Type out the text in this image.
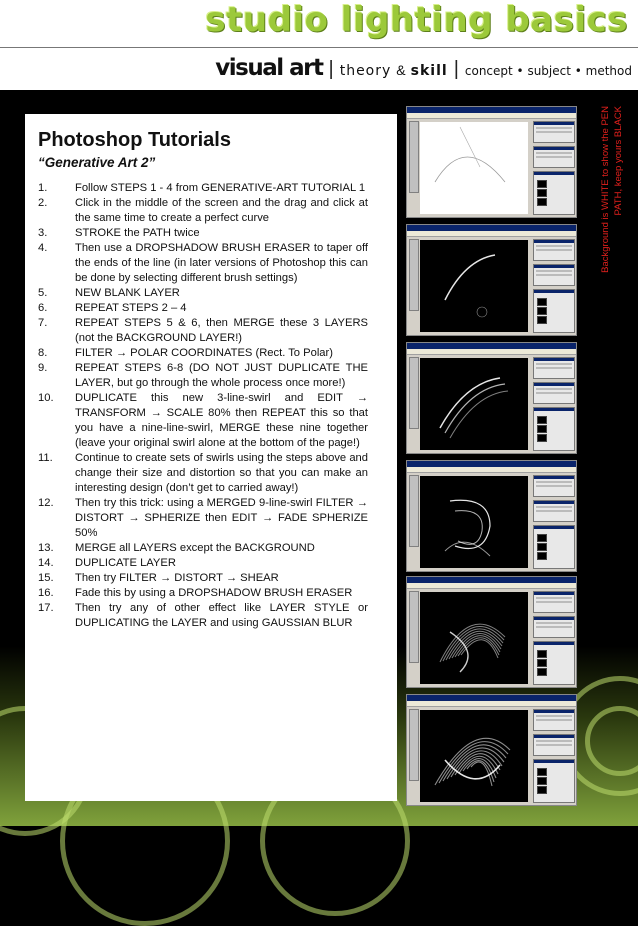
studio lighting basics
visual art | theory & skill | concept • subject • method
Photoshop Tutorials
“Generative Art 2”
1.	Follow STEPS 1 - 4 from GENERATIVE-ART TUTORIAL 1
2.	Click in the middle of the screen and the drag and click at the same time to create a perfect curve
3.	STROKE the PATH twice
4.	Then use a DROPSHADOW BRUSH ERASER to taper off the ends of the line (in later versions of Photoshop this can be done by selecting different brush settings)
5.	NEW BLANK LAYER
6.	REPEAT STEPS 2 – 4
7.	REPEAT STEPS 5 & 6, then MERGE these 3 LAYERS (not the BACKGROUND LAYER!)
8.	FILTER → POLAR COORDINATES (Rect. To Polar)
9.	REPEAT STEPS 6-8 (DO NOT JUST DUPLICATE THE LAYER, but go through the whole process once more!)
10.	DUPLICATE this new 3-line-swirl and EDIT → TRANSFORM → SCALE 80% then REPEAT this so that you have a nine-line-swirl, MERGE these nine together (leave your original swirl alone at the bottom of the page!)
11.	Continue to create sets of swirls using the steps above and change their size and distortion so that you can make an interesting design (don’t get to carried away!)
12.	Then try this trick: using a MERGED 9-line-swirl FILTER → DISTORT → SPHERIZE then EDIT → FADE SPHERIZE 50%
13.	MERGE all LAYERS except the BACKGROUND
14.	DUPLICATE LAYER
15.	Then try FILTER → DISTORT → SHEAR
16.	Fade this by using a DROPSHADOW BRUSH ERASER
17.	Then try any of other effect like LAYER STYLE or DUPLICATING the LAYER and using GAUSSIAN BLUR
Background is WHITE to show the PEN PATH, keep yours BLACK
